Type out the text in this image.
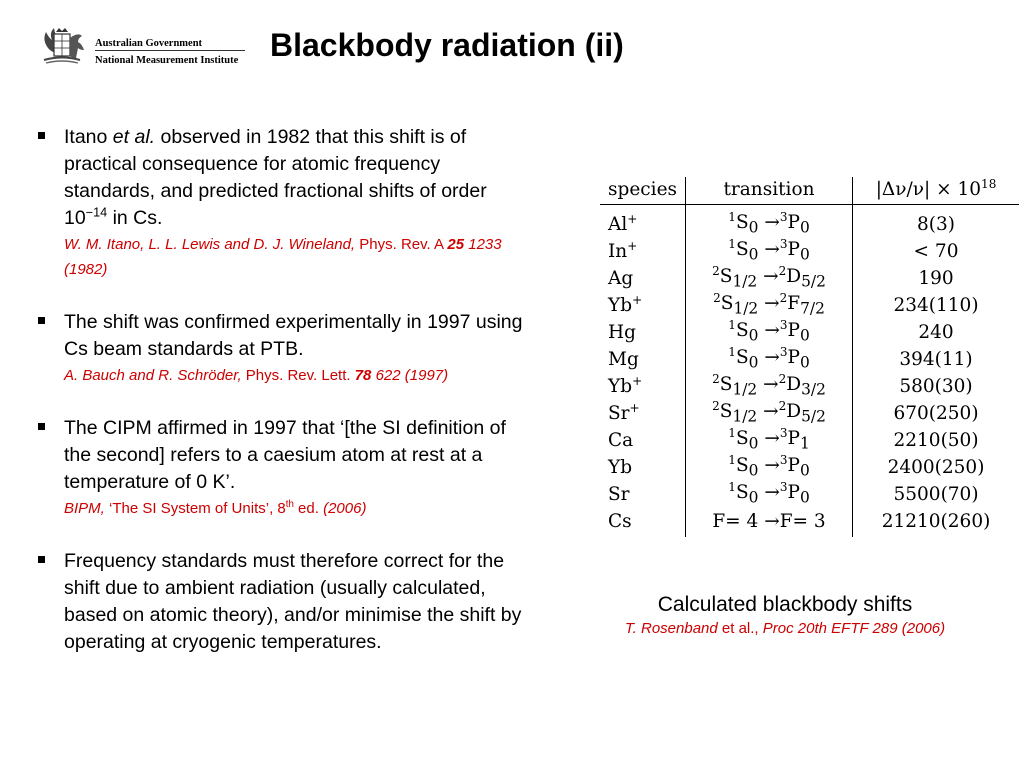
Australian Government
National Measurement Institute Blackbody radiation (ii)
Itano et al. observed in 1982 that this shift is of practical consequence for atomic frequency standards, and predicted fractional shifts of order $10^{-14}$ in Cs.
W. M. Itano, L. L. Lewis and D. J. Wineland, Phys. Rev. A 25 1233 (1982)
The shift was confirmed experimentally in 1997 using Cs beam standards at PTB.
A. Bauch and R. Schröder, Phys. Rev. Lett. 78 622 (1997)
The CIPM affirmed in 1997 that ‘[the SI definition of the second] refers to a caesium atom at rest at a temperature of 0 K’.
BIPM, ‘The SI System of Units’, 8th ed. (2006)
Frequency standards must therefore correct for the shift due to ambient radiation (usually calculated, based on atomic theory), and/or minimise the shift by operating at cryogenic temperatures.
species	transition	$|\Delta\nu/\nu| \times 10^{18}$
Al+	$^1S_0 \to^3P_0$	8(3)
In+	$^1S_0 \to^3P_0$	< 70
Ag	$^2S_{1/2} \to^2D_{5/2}$	190
Yb+	$^2S_{1/2} \to^2F_{7/2}$	234(110)
Hg	$^1S_0 \to^3P_0$	240
Mg	$^1S_0 \to^3P_0$	394(11)
Yb+	$^2S_{1/2} \to^2D_{3/2}$	580(30)
Sr+	$^2S_{1/2} \to^2D_{5/2}$	670(250)
Ca	$^1S_0 \to^3P_1$	2210(50)
Yb	$^1S_0 \to^3P_0$	2400(250)
Sr	$^1S_0 \to^3P_0$	5500(70)
Cs	F= 4 →F= 3	21210(260)
Calculated blackbody shifts
T. Rosenband et al., Proc 20th EFTF 289 (2006)
